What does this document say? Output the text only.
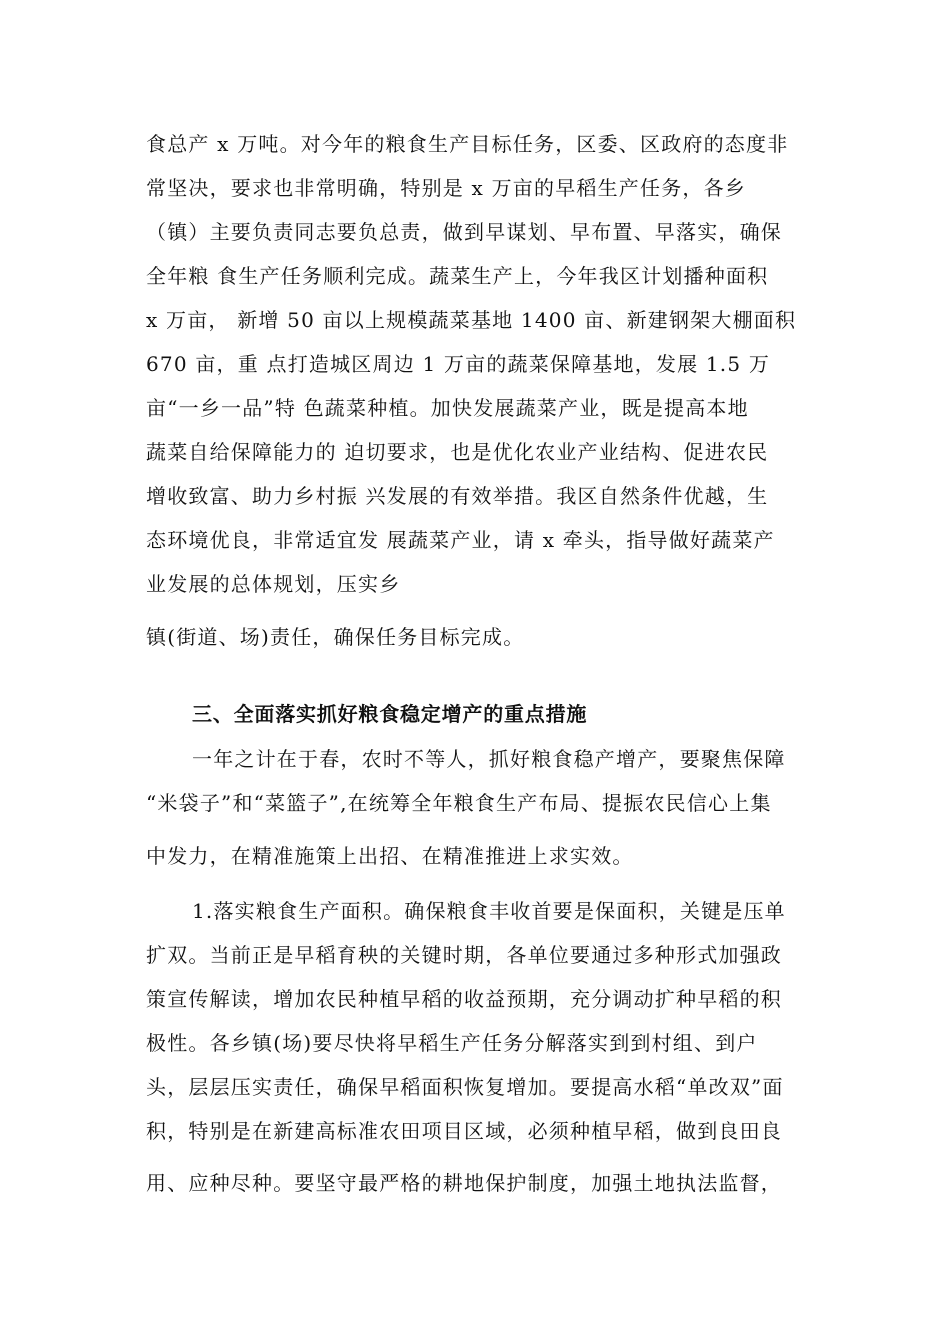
食总产 x 万吨。对今年的粮食生产目标任务，区委、区政府的态度非
常坚决，要求也非常明确，特别是 x 万亩的早稻生产任务，各乡
（镇）主要负责同志要负总责，做到早谋划、早布置、早落实，确保
全年粮 食生产任务顺利完成。蔬菜生产上，今年我区计划播种面积
x 万亩， 新增 50 亩以上规模蔬菜基地 1400 亩、新建钢架大棚面积
670 亩，重 点打造城区周边 1 万亩的蔬菜保障基地，发展 1.5 万
亩“一乡一品”特 色蔬菜种植。加快发展蔬菜产业，既是提高本地
蔬菜自给保障能力的 迫切要求，也是优化农业产业结构、促进农民
增收致富、助力乡村振 兴发展的有效举措。我区自然条件优越，生
态环境优良，非常适宜发 展蔬菜产业，请 x 牵头，指导做好蔬菜产
业发展的总体规划，压实乡
镇(街道、场)责任，确保任务目标完成。
三、全面落实抓好粮食稳定增产的重点措施
一年之计在于春，农时不等人，抓好粮食稳产增产，要聚焦保障
“米袋子”和“菜篮子”,在统筹全年粮食生产布局、提振农民信心上集
中发力，在精准施策上出招、在精准推进上求实效。
1.落实粮食生产面积。确保粮食丰收首要是保面积，关键是压单
扩双。当前正是早稻育秧的关键时期，各单位要通过多种形式加强政
策宣传解读，增加农民种植早稻的收益预期，充分调动扩种早稻的积
极性。各乡镇(场)要尽快将早稻生产任务分解落实到到村组、到户
头，层层压实责任，确保早稻面积恢复增加。要提高水稻“单改双”面
积，特别是在新建高标准农田项目区域，必须种植早稻，做到良田良
用、应种尽种。要坚守最严格的耕地保护制度，加强土地执法监督，
